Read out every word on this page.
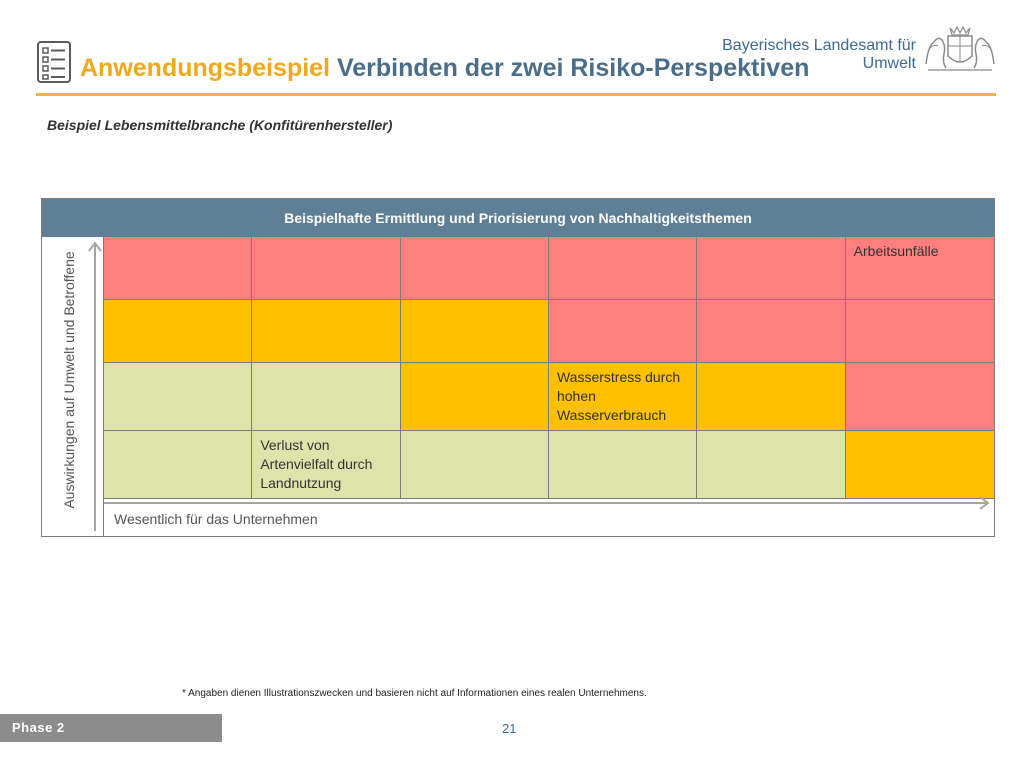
Anwendungsbeispiel Verbinden der zwei Risiko-Perspektiven
Bayerisches Landesamt für
Umwelt
Beispiel Lebensmittelbranche (Konfitürenhersteller)
Beispielhafte Ermittlung und Priorisierung von Nachhaltigkeitsthemen
Auswirkungen auf Umwelt und Betroffene
Arbeitsunfälle
Wasserstress durch hohen Wasserverbrauch
Verlust von Artenvielfalt durch Landnutzung
Wesentlich für das Unternehmen
* Angaben dienen Illustrationszwecken und basieren nicht auf Informationen eines realen Unternehmens.
Phase 2	21
